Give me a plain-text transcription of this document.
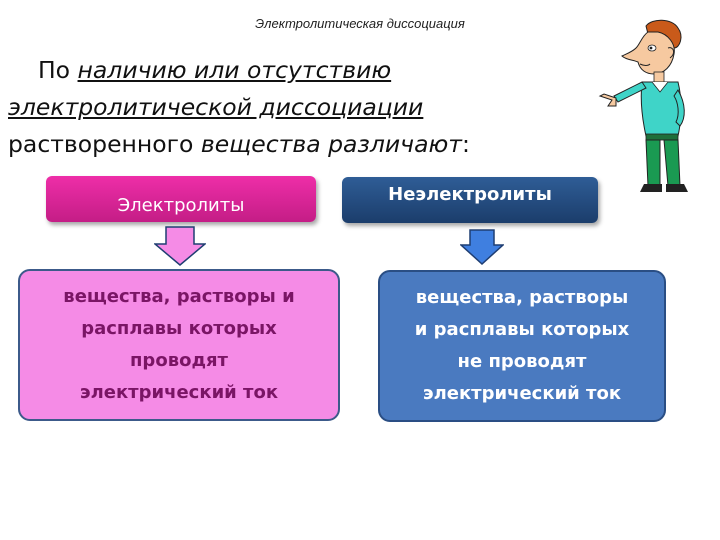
Электролитическая диссоциация
По наличию или отсутствию
электролитической диссоциации
растворенного вещества различают:
Электролиты
Неэлектролиты
вещества, растворы и
расплавы которых
проводят
электрический ток
вещества, растворы
и расплавы которых
не проводят
электрический ток
